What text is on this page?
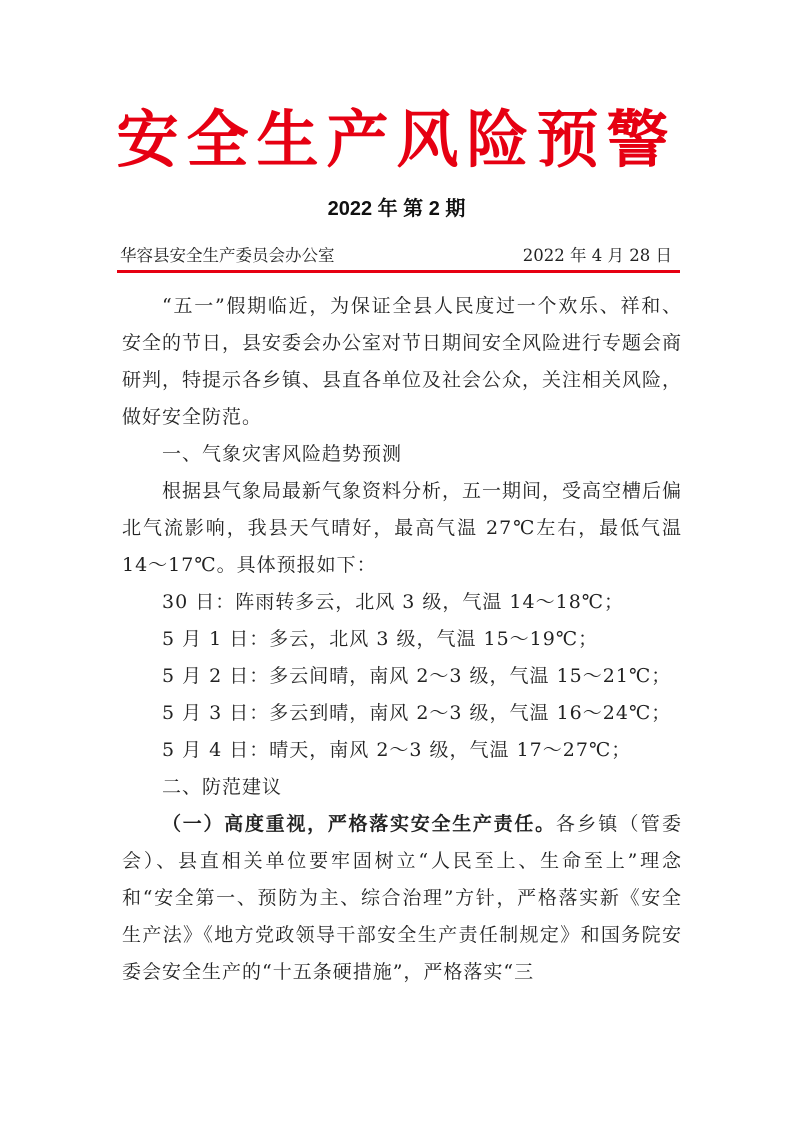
安全生产风险预警
2022 年 第 2 期
华容县安全生产委员会办公室	2022 年 4 月 28 日

“五一”假期临近，为保证全县人民度过一个欢乐、祥和、安全的节日，县安委会办公室对节日期间安全风险进行专题会商研判，特提示各乡镇、县直各单位及社会公众，关注相关风险，做好安全防范。

一、气象灾害风险趋势预测

根据县气象局最新气象资料分析，五一期间，受高空槽后偏北气流影响，我县天气晴好，最高气温 27℃左右，最低气温 14～17℃。具体预报如下：

30 日：阵雨转多云，北风 3 级，气温 14～18℃；

5 月 1 日：多云，北风 3 级，气温 15～19℃；

5 月 2 日：多云间晴，南风 2～3 级，气温 15～21℃；

5 月 3 日：多云到晴，南风 2～3 级，气温 16～24℃；

5 月 4 日：晴天，南风 2～3 级，气温 17～27℃；

二、防范建议

（一）高度重视，严格落实安全生产责任。各乡镇（管委会）、县直相关单位要牢固树立“人民至上、生命至上”理念和“安全第一、预防为主、综合治理”方针，严格落实新《安全生产法》《地方党政领导干部安全生产责任制规定》和国务院安委会安全生产的“十五条硬措施”，严格落实“三
